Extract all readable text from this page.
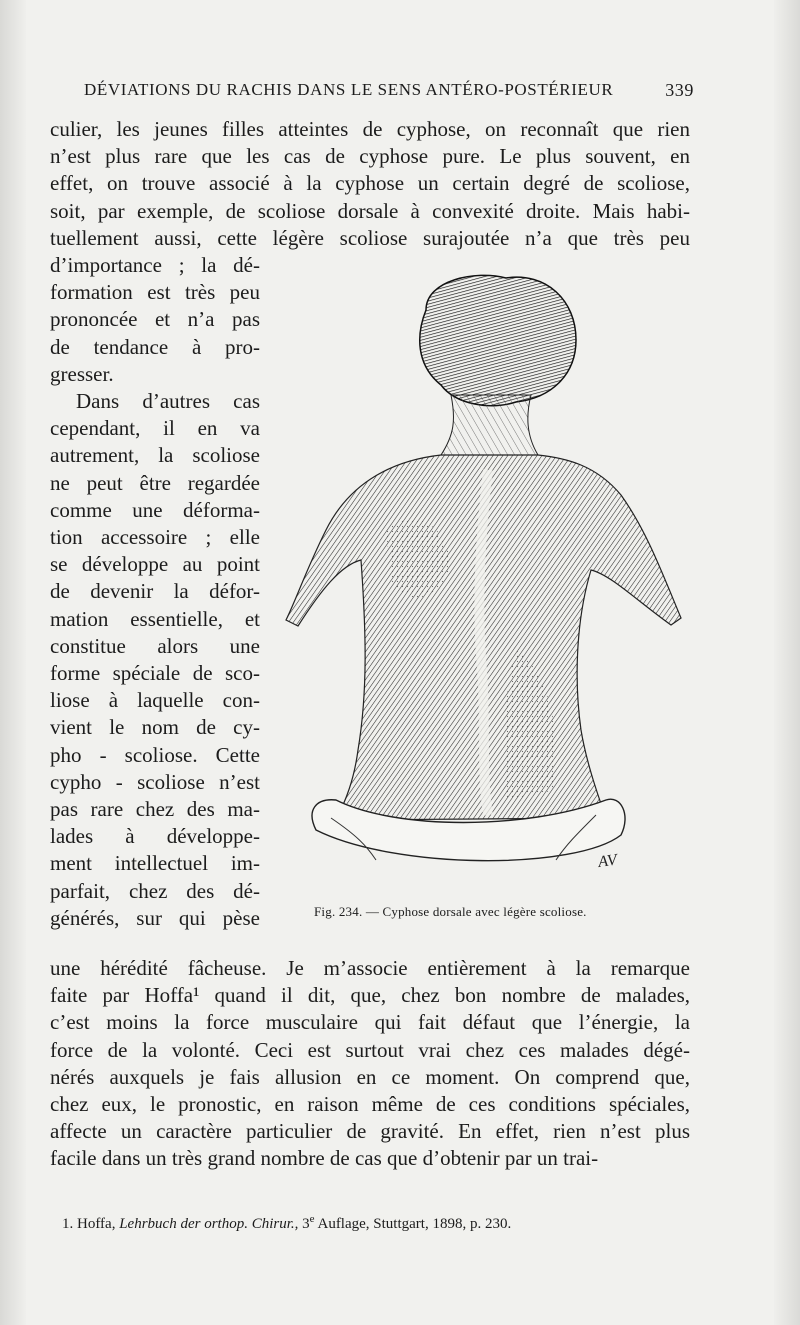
DÉVIATIONS DU RACHIS DANS LE SENS ANTÉRO-POSTÉRIEUR	339
culier, les jeunes filles atteintes de cyphose, on reconnaît que rien
n’est plus rare que les cas de cyphose pure. Le plus souvent, en
effet, on trouve associé à la cyphose un certain degré de scoliose,
soit, par exemple, de scoliose dorsale à convexité droite. Mais habi-
tuellement aussi, cette légère scoliose surajoutée n’a que très peu
d’importance ; la dé-
formation est très peu
prononcée et n’a pas
de tendance à pro-
gresser.
Dans d’autres cas
cependant, il en va
autrement, la scoliose
ne peut être regardée
comme une déforma-
tion accessoire ; elle
se développe au point
de devenir la défor-
mation essentielle, et
constitue alors une
forme spéciale de sco-
liose à laquelle con-
vient le nom de cy-
pho - scoliose. Cette
cypho - scoliose n’est
pas rare chez des ma-
lades à développe-
ment intellectuel im-
parfait, chez des dé-
générés, sur qui pèse
une hérédité fâcheuse. Je m’associe entièrement à la remarque
faite par Hoffa¹ quand il dit, que, chez bon nombre de malades,
c’est moins la force musculaire qui fait défaut que l’énergie, la
force de la volonté. Ceci est surtout vrai chez ces malades dégé-
nérés auxquels je fais allusion en ce moment. On comprend que,
chez eux, le pronostic, en raison même de ces conditions spéciales,
affecte un caractère particulier de gravité. En effet, rien n’est plus
facile dans un très grand nombre de cas que d’obtenir par un trai-
AV
Fig. 234. — Cyphose dorsale avec légère scoliose.
1. Hoffa, Lehrbuch der orthop. Chirur., 3e Auflage, Stuttgart, 1898, p. 230.
